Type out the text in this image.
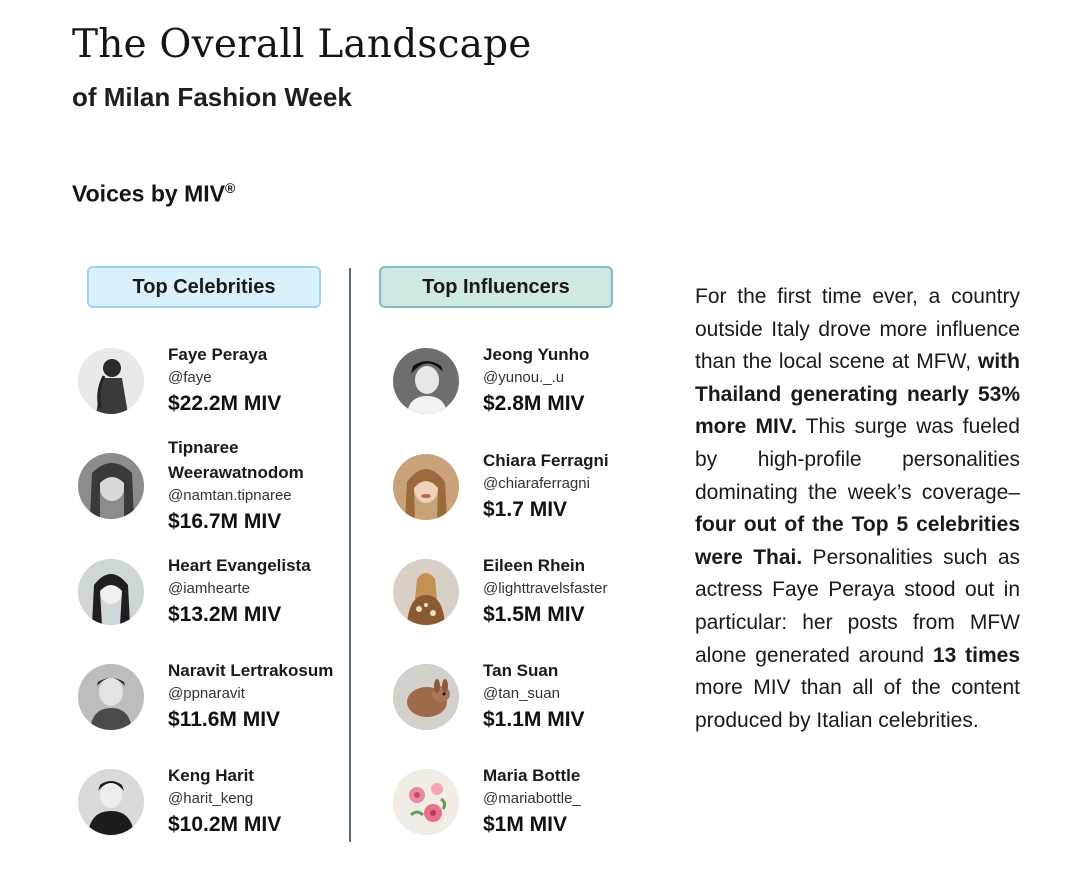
The Overall Landscape
of Milan Fashion Week
Voices by MIV®
Top Celebrities	Top Influencers
Faye Peraya
@faye
$22.2M MIV
Tipnaree Weerawatnodom
@namtan.tipnaree
$16.7M MIV
Heart Evangelista
@iamhearte
$13.2M MIV
Naravit Lertrakosum
@ppnaravit
$11.6M MIV
Keng Harit
@harit_keng
$10.2M MIV
Jeong Yunho
@yunou._.u
$2.8M MIV
Chiara Ferragni
@chiaraferragni
$1.7 MIV
Eileen Rhein
@lighttravelsfaster
$1.5M MIV
Tan Suan
@tan_suan
$1.1M MIV
Maria Bottle
@mariabottle_
$1M MIV

For the first time ever, a country outside Italy drove more influence than the local scene at MFW, with Thailand generating nearly 53% more MIV. This surge was fueled by high-profile personalities dominating the week’s coverage–four out of the Top 5 celebrities were Thai. Personalities such as actress Faye Peraya stood out in particular: her posts from MFW alone generated around 13 times more MIV than all of the content produced by Italian celebrities.
